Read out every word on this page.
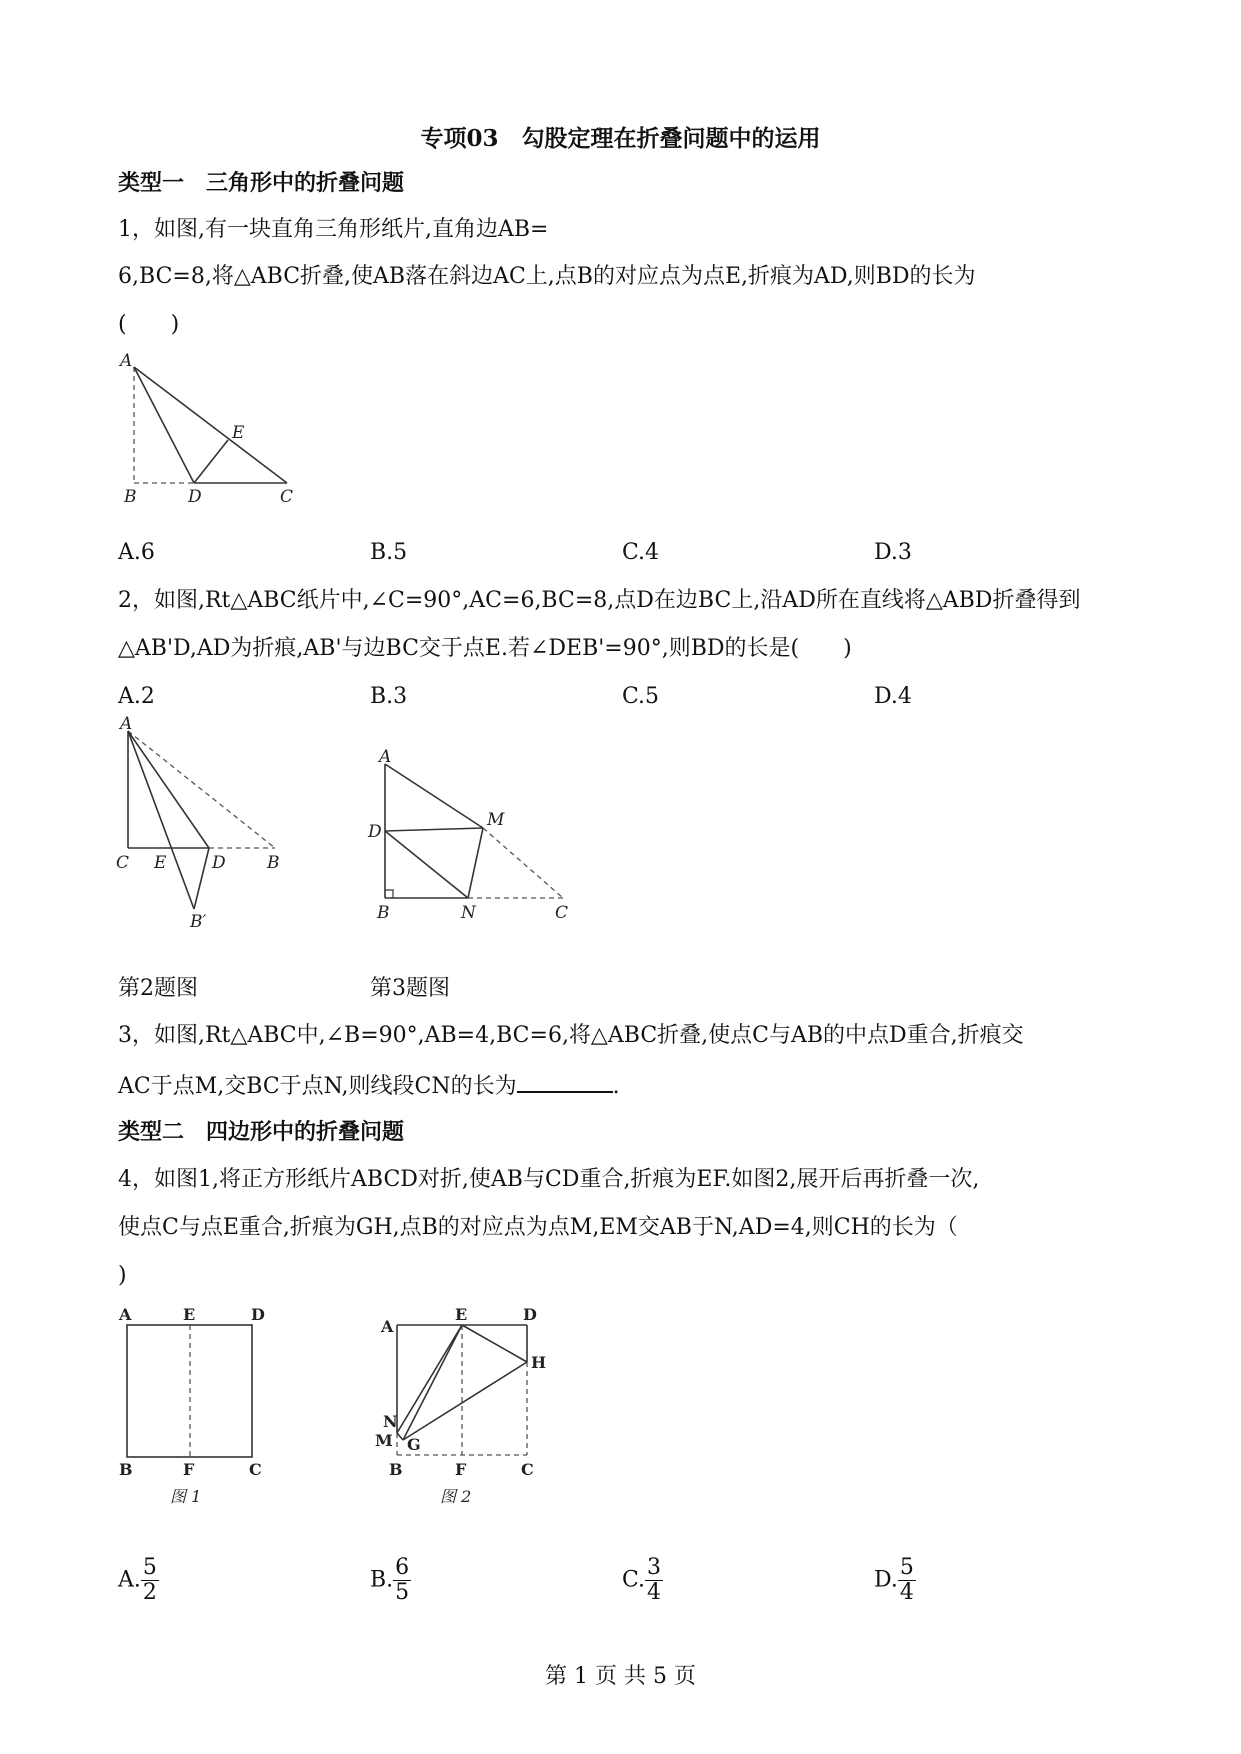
专项03　勾股定理在折叠问题中的运用
类型一　三角形中的折叠问题
1，如图,有一块直角三角形纸片,直角边AB=
6,BC=8,将△ABC折叠,使AB落在斜边AC上,点B的对应点为点E,折痕为AD,则BD的长为
(　　)
A
E
B	D	C
A.6	B.5	C.4	D.3
2，如图,Rt△ABC纸片中,∠C=90°,AC=6,BC=8,点D在边BC上,沿AD所在直线将△ABD折叠得到
△AB'D,AD为折痕,AB'与边BC交于点E.若∠DEB'=90°,则BD的长是(　　)
A.2	B.3	C.5	D.4
A
C E	D B
B′
A
M
D
B	N	C
第2题图	第3题图
3，如图,Rt△ABC中,∠B=90°,AB=4,BC=6,将△ABC折叠,使点C与AB的中点D重合,折痕交
AC于点M,交BC于点N,则线段CN的长为	.
类型二　四边形中的折叠问题
4，如图1,将正方形纸片ABCD对折,使AB与CD重合,折痕为EF.如图2,展开后再折叠一次,
使点C与点E重合,折痕为GH,点B的对应点为点M,EM交AB于N,AD=4,则CH的长为（
)
A	E	D
B	F	C
图 1
A
E	D
H
N
M G
B	F	C
图 2
A. $\frac{5}{2}$	B. $\frac{6}{5}$	C. $\frac{3}{4}$	D. $\frac{5}{4}$
第 1 页 共 5 页
